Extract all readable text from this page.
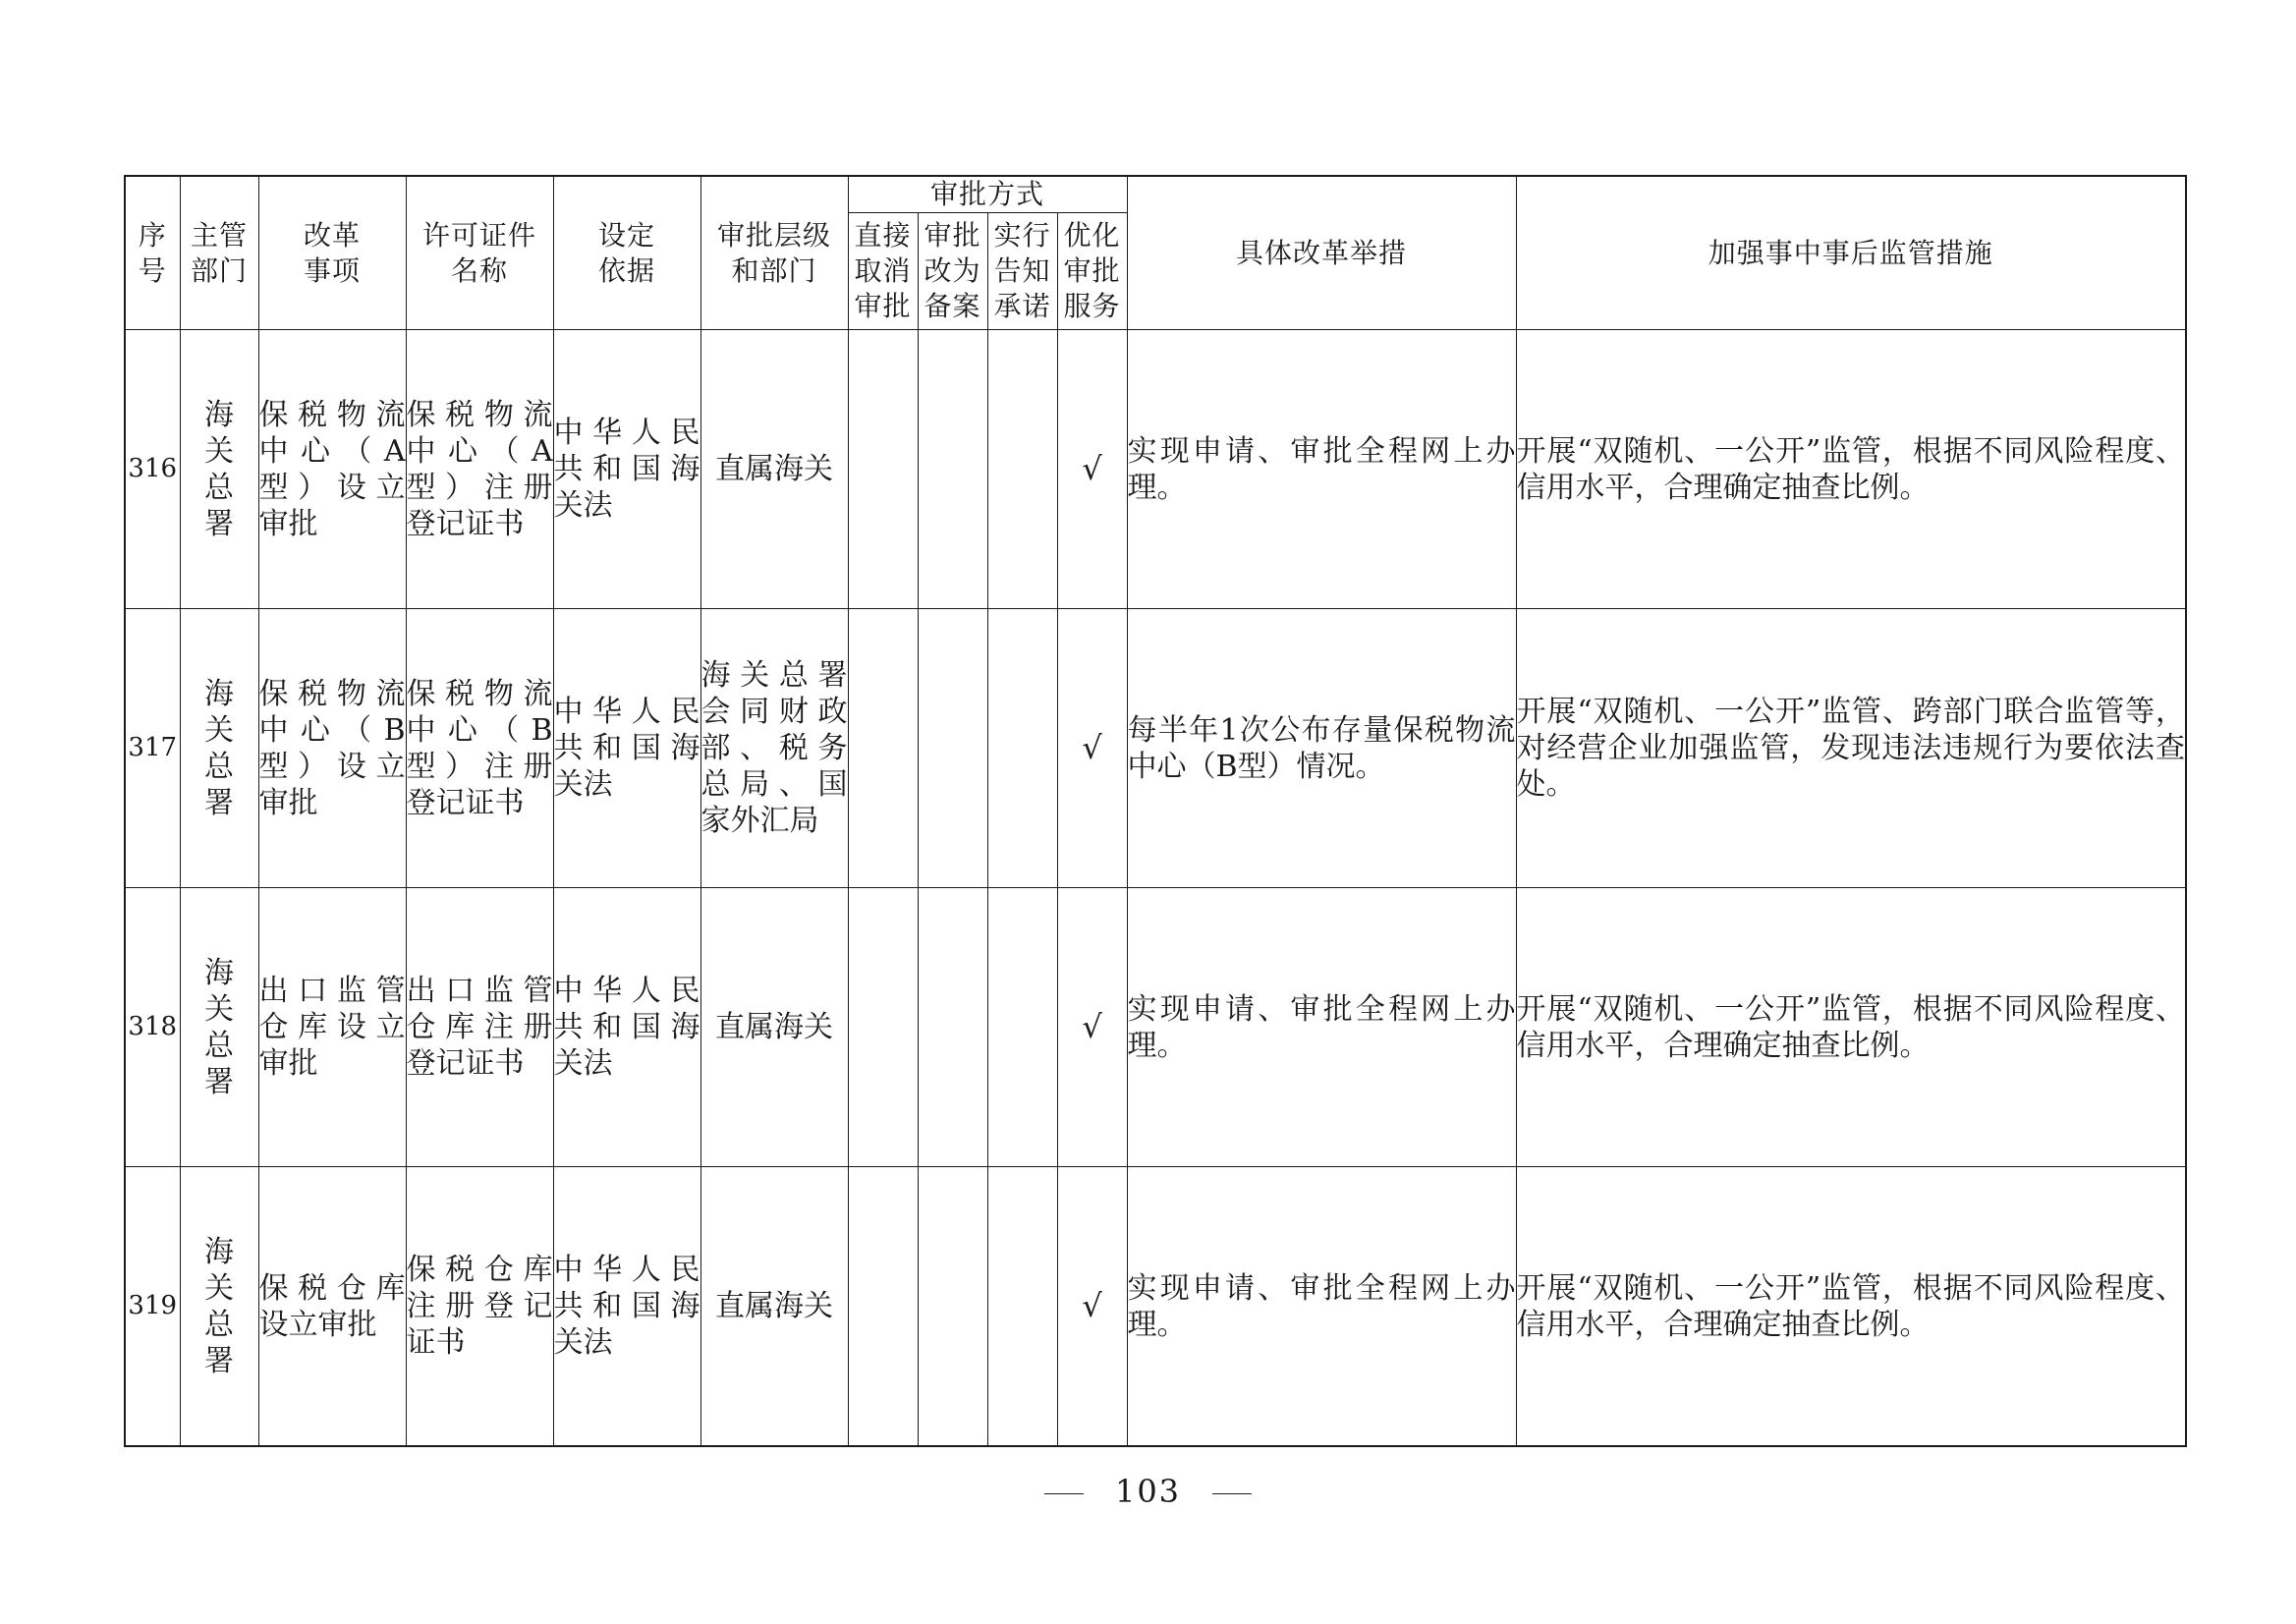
序号	主管部门	改革事项	许可证件名称	设定依据	审批层级和部门	审批方式				具体改革举措	加强事中事后监管措施
						直接取消审批	审批改为备案	实行告知承诺	优化审批服务		
316	海关总署	保税物流中心（A型）设立审批	保税物流中心（A型）注册登记证书	中华人民共和国海关法	直属海关				√	实现申请、审批全程网上办理。	开展“双随机、一公开”监管，根据不同风险程度、信用水平，合理确定抽查比例。
317	海关总署	保税物流中心（B型）设立审批	保税物流中心（B型）注册登记证书	中华人民共和国海关法	海关总署会同财政部、税务总局、国家外汇局				√	每半年1次公布存量保税物流中心（B型）情况。	开展“双随机、一公开”监管、跨部门联合监管等，对经营企业加强监管，发现违法违规行为要依法查处。
318	海关总署	出口监管仓库设立审批	出口监管仓库注册登记证书	中华人民共和国海关法	直属海关				√	实现申请、审批全程网上办理。	开展“双随机、一公开”监管，根据不同风险程度、信用水平，合理确定抽查比例。
319	海关总署	保税仓库设立审批	保税仓库注册登记证书	中华人民共和国海关法	直属海关				√	实现申请、审批全程网上办理。	开展“双随机、一公开”监管，根据不同风险程度、信用水平，合理确定抽查比例。
103
